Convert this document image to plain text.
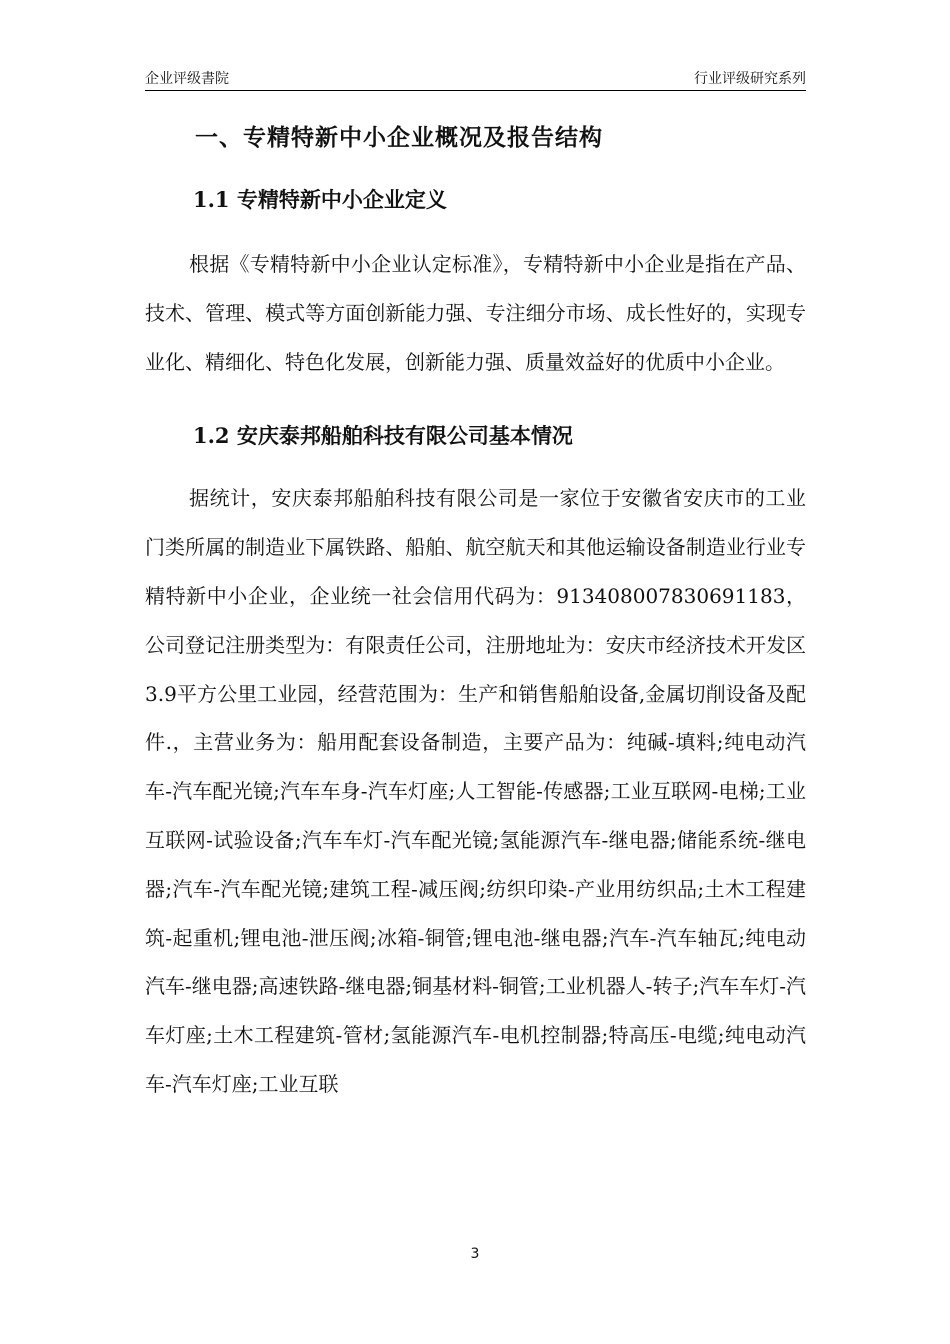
企业评级書院	行业评级研究系列
一、专精特新中小企业概况及报告结构
1.1 专精特新中小企业定义

根据《专精特新中小企业认定标准》，专精特新中小企业是指在产品、技术、管理、模式等方面创新能力强、专注细分市场、成长性好的，实现专业化、精细化、特色化发展，创新能力强、质量效益好的优质中小企业。

1.2 安庆泰邦船舶科技有限公司基本情况

据统计，安庆泰邦船舶科技有限公司是一家位于安徽省安庆市的工业门类所属的制造业下属铁路、船舶、航空航天和其他运输设备制造业行业专精特新中小企业，企业统一社会信用代码为：913408007830691183，公司登记注册类型为：有限责任公司，注册地址为：安庆市经济技术开发区3.9平方公里工业园，经营范围为：生产和销售船舶设备,金属切削设备及配件.，主营业务为：船用配套设备制造，主要产品为：纯碱-填料;纯电动汽车-汽车配光镜;汽车车身-汽车灯座;人工智能-传感器;工业互联网-电梯;工业互联网-试验设备;汽车车灯-汽车配光镜;氢能源汽车-继电器;储能系统-继电器;汽车-汽车配光镜;建筑工程-减压阀;纺织印染-产业用纺织品;土木工程建筑-起重机;锂电池-泄压阀;冰箱-铜管;锂电池-继电器;汽车-汽车轴瓦;纯电动汽车-继电器;高速铁路-继电器;铜基材料-铜管;工业机器人-转子;汽车车灯-汽车灯座;土木工程建筑-管材;氢能源汽车-电机控制器;特高压-电缆;纯电动汽车-汽车灯座;工业互联

3
